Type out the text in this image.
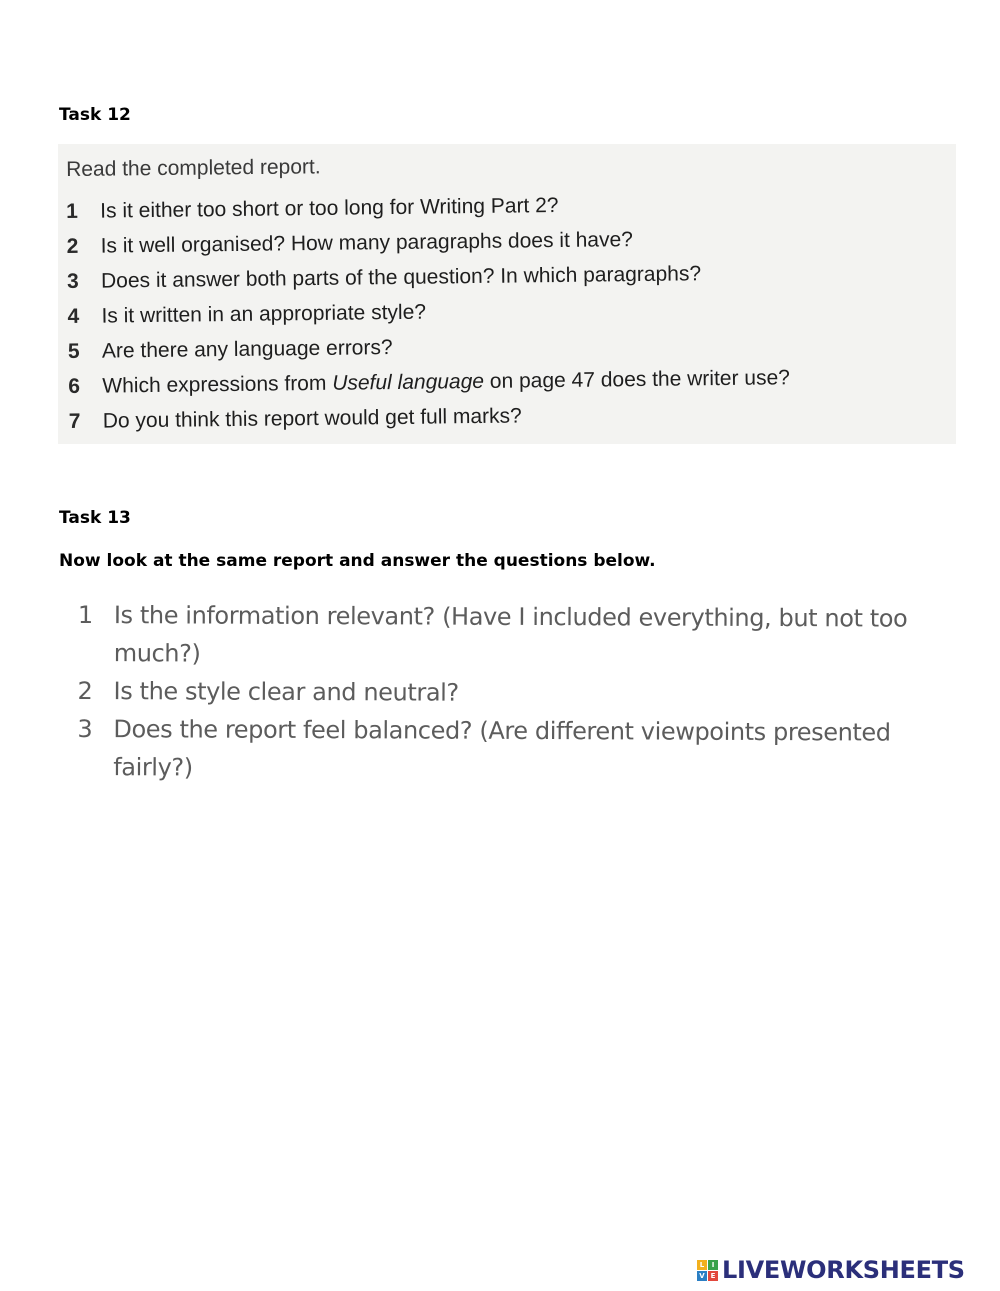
Task 12

Read the completed report.

1	Is it either too short or too long for Writing Part 2?
2	Is it well organised? How many paragraphs does it have?
3	Does it answer both parts of the question? In which paragraphs?
4	Is it written in an appropriate style?
5	Are there any language errors?
6	Which expressions from Useful language on page 47 does the writer use?
7	Do you think this report would get full marks?
Task 13

Now look at the same report and answer the questions below.

1 Is the information relevant? (Have I included everything, but not too much?)
2 Is the style clear and neutral?
3 Does the report feel balanced? (Are different viewpoints presented fairly?)
L	I
V E LIVEWORKSHEETS
